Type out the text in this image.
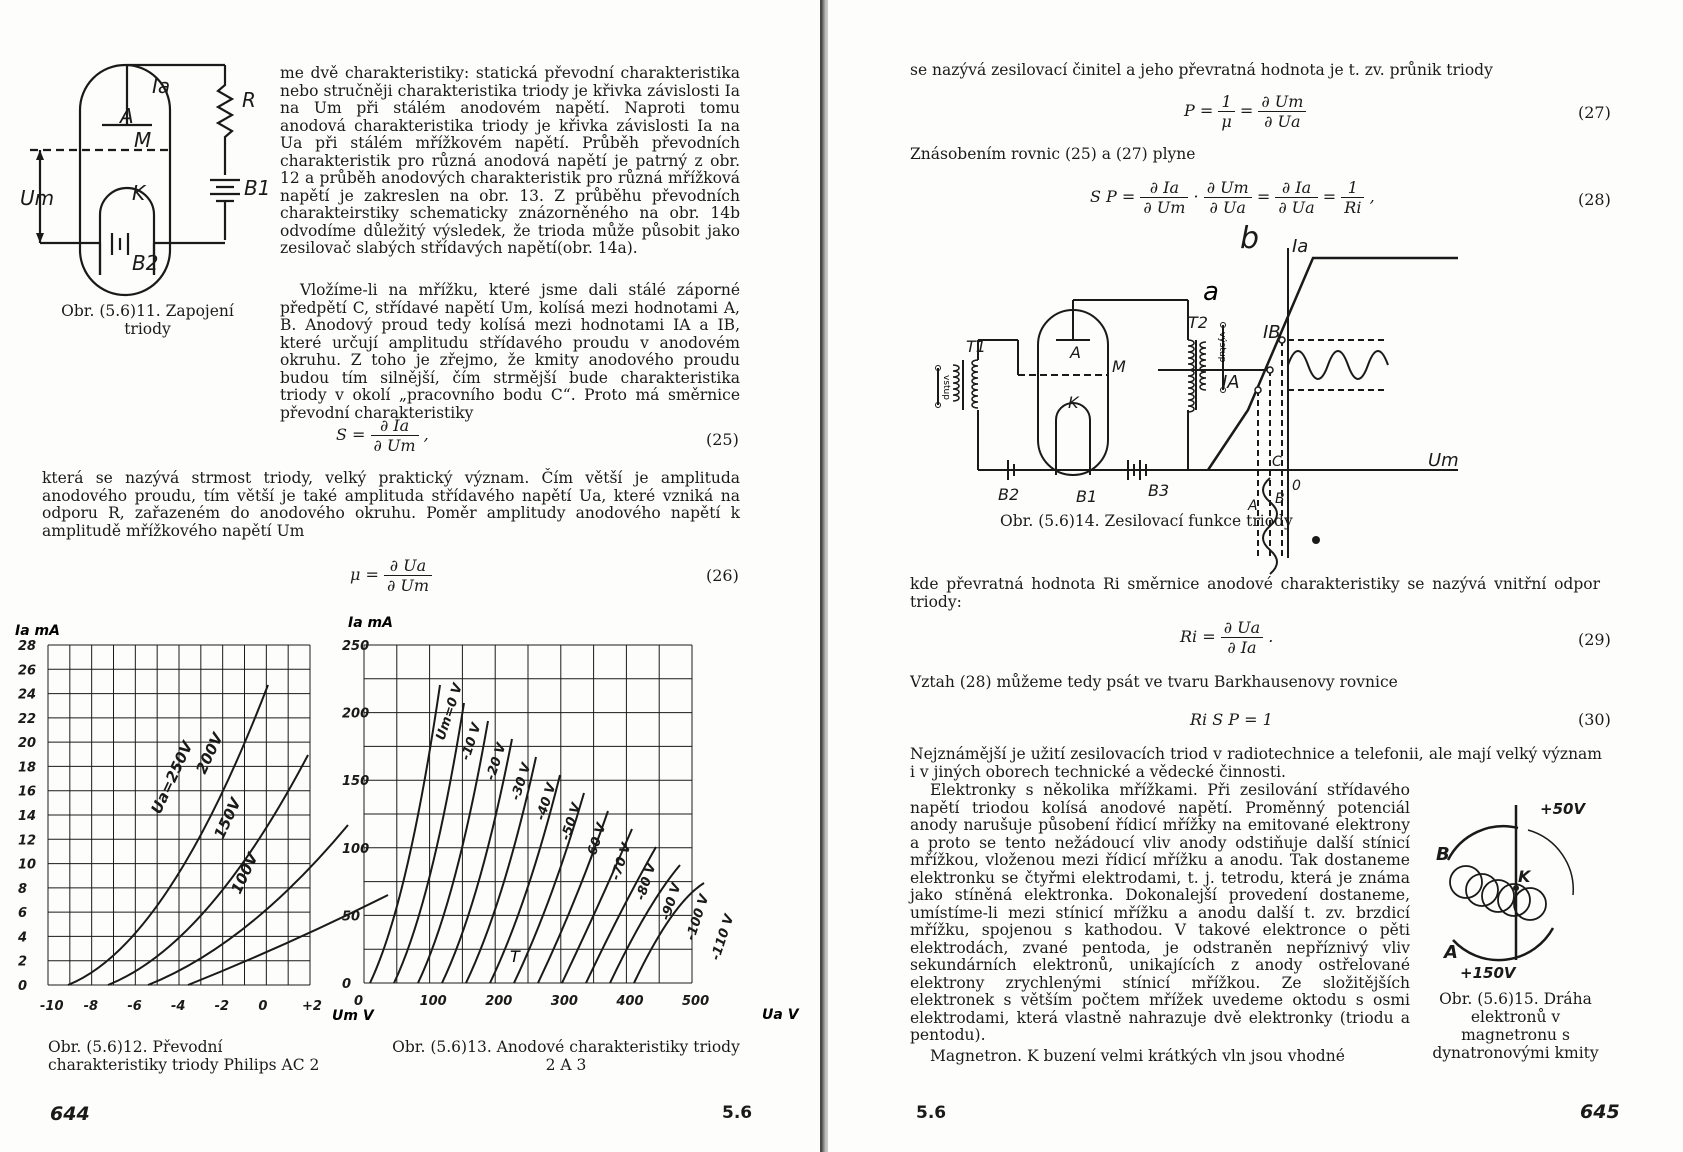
Ia
R
A
M
K	B1
Um
B2
Obr. (5.6)11. Zapojení triody
me dvě charakteristiky: statická převodní charakteristika nebo stručněji charakteristika triody je křivka závislosti Ia na Um při stálém anodovém napětí. Naproti tomu anodová charakteristika triody je křivka závislosti Ia na Ua při stálém mřížkovém napětí. Průběh převodních charakteristik pro různá anodová napětí je patrný z obr. 12 a průběh anodových charakteristik pro různá mřížková napětí je zakreslen na obr. 13. Z průběhu převodních charakteirstiky schematicky znázorněného na obr. 14b odvodíme důležitý výsledek, že trioda může působit jako zesilovač slabých střídavých napětí(obr. 14a).
Vložíme-li na mřížku, které jsme dali stálé záporné předpětí C, střídavé napětí Um, kolísá mezi hodnotami A, B. Anodový proud tedy kolísá mezi hodnotami IA a IB, které určují amplitudu střídavého proudu v anodovém okruhu. Z toho je zřejmo, že kmity anodového proudu budou tím silnější, čím strmější bude charakteristika triody v okolí „pracovního bodu C“. Proto má směrnice převodní charakteristiky
$S = \frac{\partial Ia}{\partial Um}$ ,	(25)
která se nazývá strmost triody, velký praktický význam. Čím větší je amplituda anodového proudu, tím větší je také amplituda střídavého napětí Ua, které vzniká na odporu R, zařazeném do anodového okruhu. Poměr amplitudy anodového napětí k amplitudě mřížkového napětí Um
$\mu = \frac{\partial Ua}{\partial Um}$	(26)
0
2
4
6
8
10
12
14
16
18
20
22
24
26
28
-10 -8 -6 -4 -2 0	+2
Ua=250V
200V
150V
100V
Ia mA
Um V
Obr. (5.6)12. Převodní charakteristiky triody Philips AC 2
0
50
100
150
200
250
0	100	200	300	400	500
Um=0 V
-10 V
-20 V
-30 V
-40 V
-50 V
-60 V
-70 V
-80 V
-90 V
-100 V
-110 V
Ia mA
Ua V
T
Obr. (5.6)13. Anodové charakteristiky triody 2 A 3
644	5.6
se nazývá zesilovací činitel a jeho převratná hodnota je t. zv. průnik triody
$P = \frac{1}{\mu} = \frac{\partial Um}{\partial Ua}$	(27)
Znásobením rovnic (25) a (27) plyne
S $P = \frac{\partial Ia}{\partial Um} \cdot \frac{\partial Um}{\partial Ua} = \frac{\partial Ia}{\partial Ua} = \frac{1}{Ri}$ ,	(28)
T1
T2
A
M
K
B2	B1	B3
vstup
výstup
a
b Ia
IB
IA
Um
C
0
A B
Obr. (5.6)14. Zesilovací funkce triody
kde převratná hodnota Ri směrnice anodové charakteristiky se nazývá vnitřní odpor triody:
$Ri = \frac{\partial Ua}{\partial Ia}$ .	(29)
Vztah (28) můžeme tedy psát ve tvaru Barkhausenovy rovnice
Ri S P = 1	(30)
Nejznámější je užití zesilovacích triod v radiotechnice a telefonii, ale mají velký význam i v jiných oborech technické a vědecké činnosti.
Elektronky s několika mřížkami. Při zesilování střídavého napětí triodou kolísá anodové napětí. Proměnný potenciál anody narušuje působení řídicí mřížky na emitované elektrony a proto se tento nežádoucí vliv anody odstiňuje další stínicí mřížkou, vloženou mezi řídicí mřížku a anodu. Tak dostaneme elektronku se čtyřmi elektrodami, t. j. tetrodu, která je známa jako stíněná elektronka. Dokonalejší provedení dostaneme, umístíme-li mezi stínicí mřížku a anodu další t. zv. brzdicí mřížku, spojenou s kathodou. V takové elektronce o pěti elektrodách, zvané pentoda, je odstraněn nepříznivý vliv sekundárních elektronů, unikajících z anody ostřelované elektrony zrychlenými stínicí mřížkou. Ze složitějších elektronek s větším počtem mřížek uvedeme oktodu s osmi elektrodami, která vlastně nahrazuje dvě elektronky (triodu a pentodu).
Magnetron. K buzení velmi krátkých vln jsou vhodné
+50V
B
K
A
+150V
Obr. (5.6)15. Dráha elektronů v magnetronu s dynatronovými kmity
5.6	645
